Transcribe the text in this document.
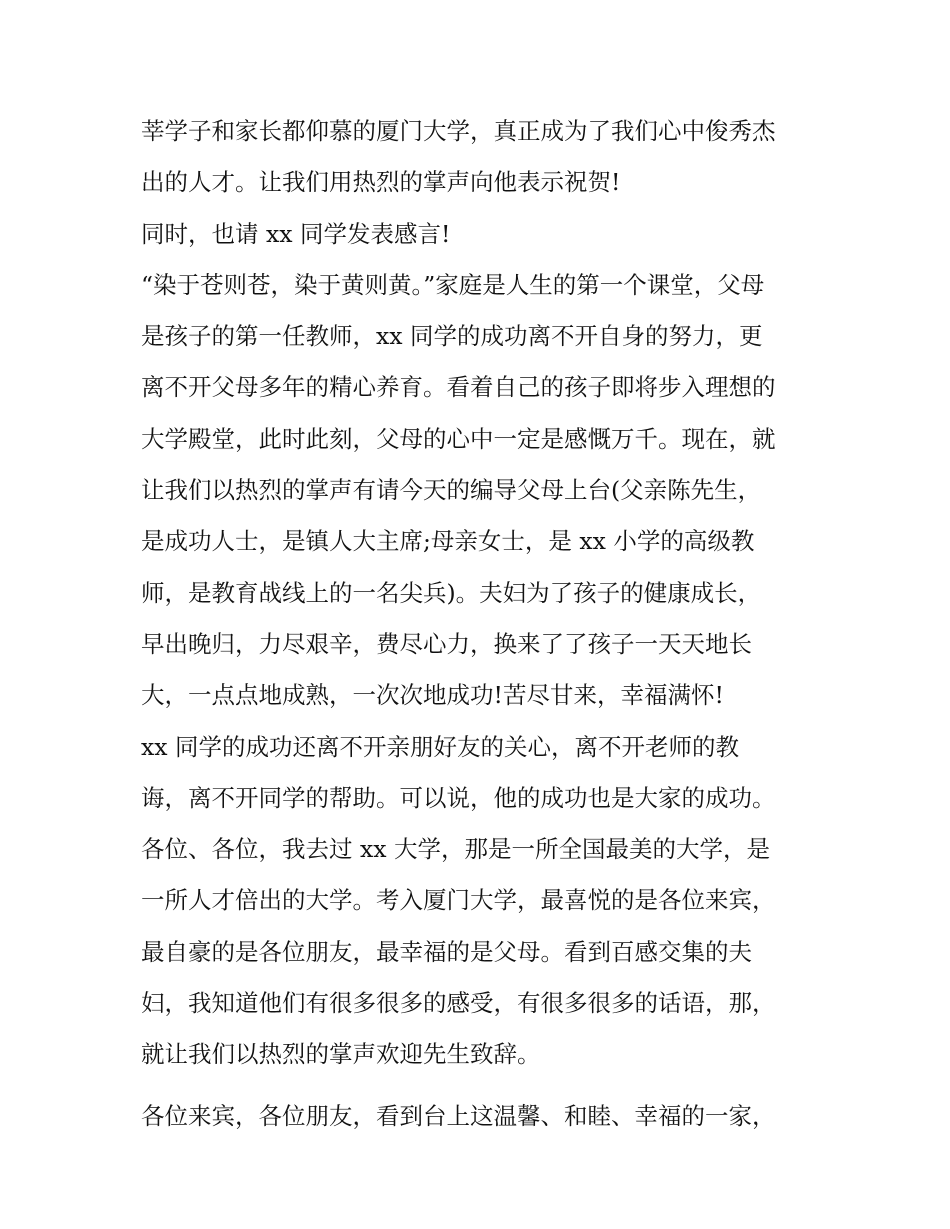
莘学子和家长都仰慕的厦门大学，真正成为了我们心中俊秀杰
出的人才。让我们用热烈的掌声向他表示祝贺!
同时，也请 xx 同学发表感言!
“染于苍则苍，染于黄则黄。”家庭是人生的第一个课堂，父母
是孩子的第一任教师，xx 同学的成功离不开自身的努力，更
离不开父母多年的精心养育。看着自己的孩子即将步入理想的
大学殿堂，此时此刻，父母的心中一定是感慨万千。现在，就
让我们以热烈的掌声有请今天的编导父母上台(父亲陈先生，
是成功人士，是镇人大主席;母亲女士，是 xx 小学的高级教
师，是教育战线上的一名尖兵)。夫妇为了孩子的健康成长，
早出晚归，力尽艰辛，费尽心力，换来了了孩子一天天地长
大，一点点地成熟，一次次地成功!苦尽甘来，幸福满怀!
xx 同学的成功还离不开亲朋好友的关心，离不开老师的教
诲，离不开同学的帮助。可以说，他的成功也是大家的成功。
各位、各位，我去过 xx 大学，那是一所全国最美的大学，是
一所人才倍出的大学。考入厦门大学，最喜悦的是各位来宾，
最自豪的是各位朋友，最幸福的是父母。看到百感交集的夫
妇，我知道他们有很多很多的感受，有很多很多的话语，那，
就让我们以热烈的掌声欢迎先生致辞。
各位来宾，各位朋友，看到台上这温馨、和睦、幸福的一家，
